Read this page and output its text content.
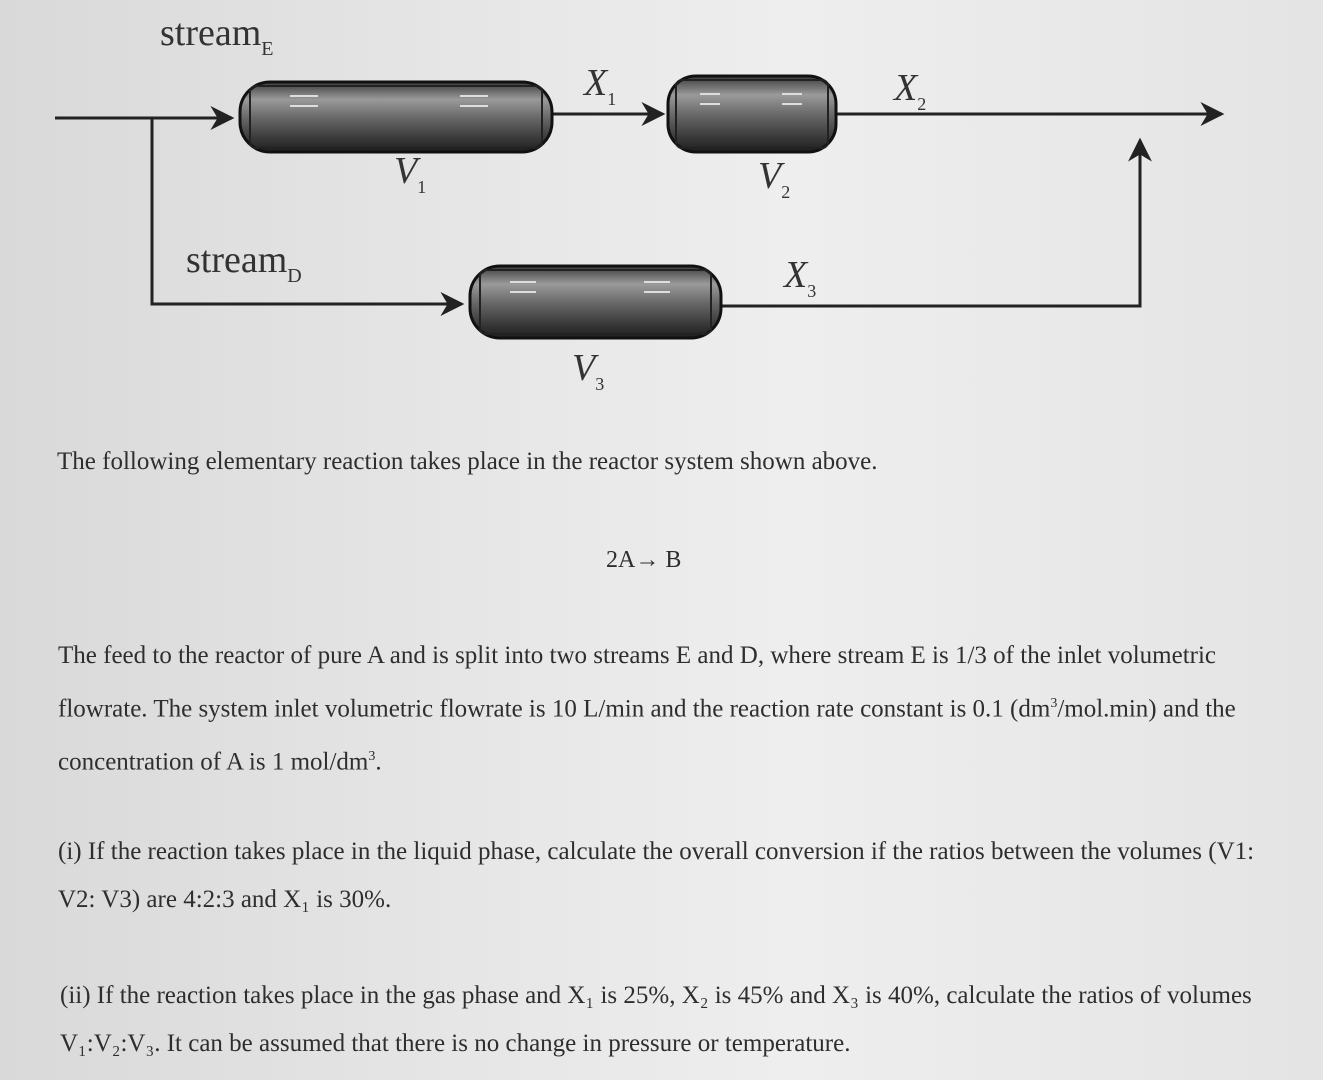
stream$_E$
stream$_D$
$X_1$	$X_2$
$X_3$
$V_1$	$V_2$
$V_3$
The following elementary reaction takes place in the reactor system shown above.
2A→ B
The feed to the reactor of pure A and is split into two streams E and D, where stream E is 1/3 of the inlet volumetric flowrate. The system inlet volumetric flowrate is 10 L/min and the reaction rate constant is 0.1 $(dm^3/mol.\min)$ and the concentration of A is 1 mol/$dm^3$.
(i) If the reaction takes place in the liquid phase, calculate the overall conversion if the ratios between the volumes (V1: V2: V3) are 4:2:3 and X₁ is 30%.
(ii) If the reaction takes place in the gas phase and X₁ is 25%, X₂ is 45% and X₃ is 40%, calculate the ratios of volumes V₁:V₂:V₃. It can be assumed that there is no change in pressure or temperature.
